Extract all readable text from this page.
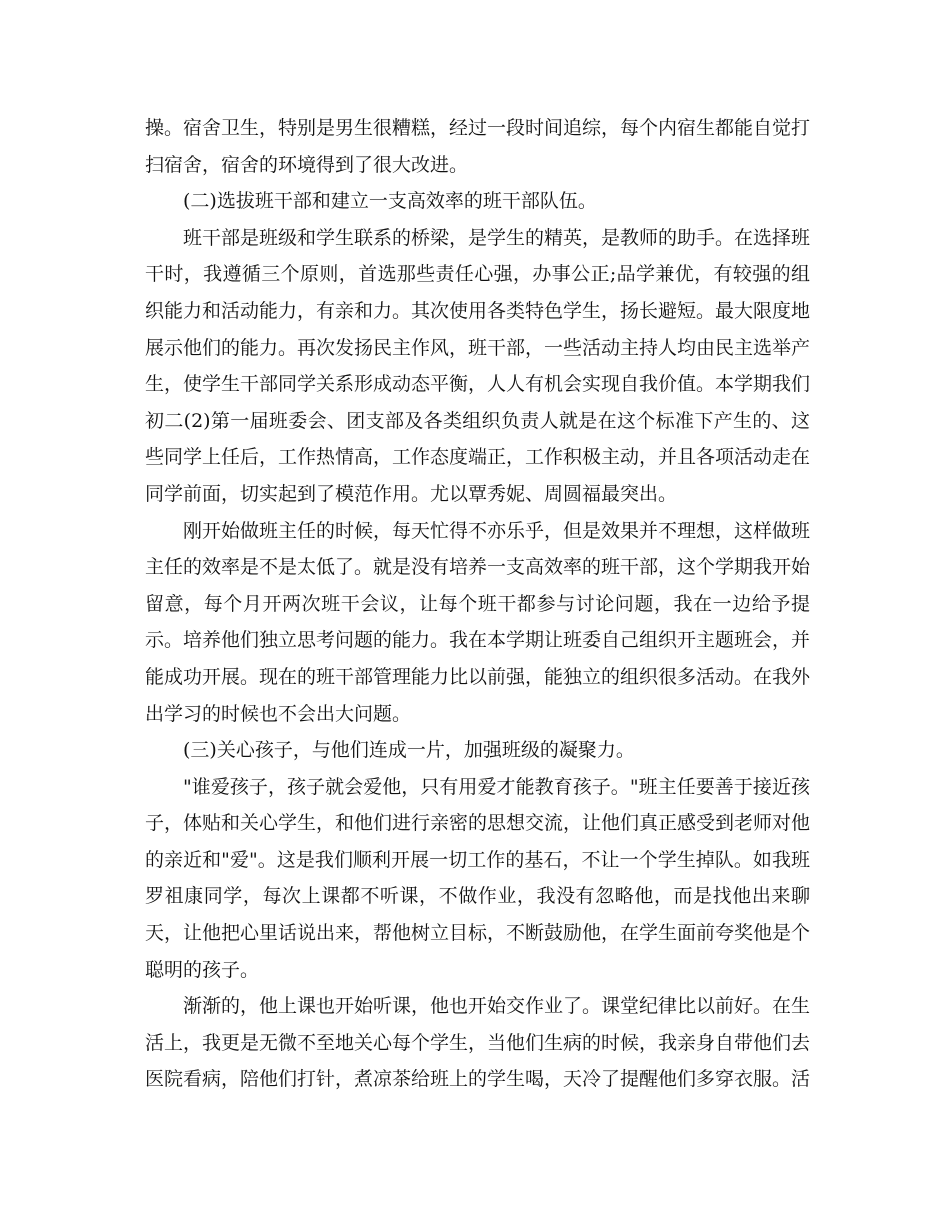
操。宿舍卫生，特别是男生很糟糕，经过一段时间追综，每个内宿生都能自觉打扫宿舍，宿舍的环境得到了很大改进。

(二)选拔班干部和建立一支高效率的班干部队伍。

班干部是班级和学生联系的桥梁，是学生的精英，是教师的助手。在选择班干时，我遵循三个原则，首选那些责任心强，办事公正;品学兼优，有较强的组织能力和活动能力，有亲和力。其次使用各类特色学生，扬长避短。最大限度地展示他们的能力。再次发扬民主作风，班干部，一些活动主持人均由民主选举产生，使学生干部同学关系形成动态平衡，人人有机会实现自我价值。本学期我们初二(2)第一届班委会、团支部及各类组织负责人就是在这个标准下产生的、这些同学上任后，工作热情高，工作态度端正，工作积极主动，并且各项活动走在同学前面，切实起到了模范作用。尤以覃秀妮、周圆福最突出。

刚开始做班主任的时候，每天忙得不亦乐乎，但是效果并不理想，这样做班主任的效率是不是太低了。就是没有培养一支高效率的班干部，这个学期我开始留意，每个月开两次班干会议，让每个班干都参与讨论问题，我在一边给予提示。培养他们独立思考问题的能力。我在本学期让班委自己组织开主题班会，并能成功开展。现在的班干部管理能力比以前强，能独立的组织很多活动。在我外出学习的时候也不会出大问题。

(三)关心孩子，与他们连成一片，加强班级的凝聚力。

"谁爱孩子，孩子就会爱他，只有用爱才能教育孩子。"班主任要善于接近孩子，体贴和关心学生，和他们进行亲密的思想交流，让他们真正感受到老师对他的亲近和"爱"。这是我们顺利开展一切工作的基石，不让一个学生掉队。如我班罗祖康同学，每次上课都不听课，不做作业，我没有忽略他，而是找他出来聊天，让他把心里话说出来，帮他树立目标，不断鼓励他，在学生面前夸奖他是个聪明的孩子。

渐渐的，他上课也开始听课，他也开始交作业了。课堂纪律比以前好。在生活上，我更是无微不至地关心每个学生，当他们生病的时候，我亲身自带他们去医院看病，陪他们打针，煮凉茶给班上的学生喝，天冷了提醒他们多穿衣服。活
